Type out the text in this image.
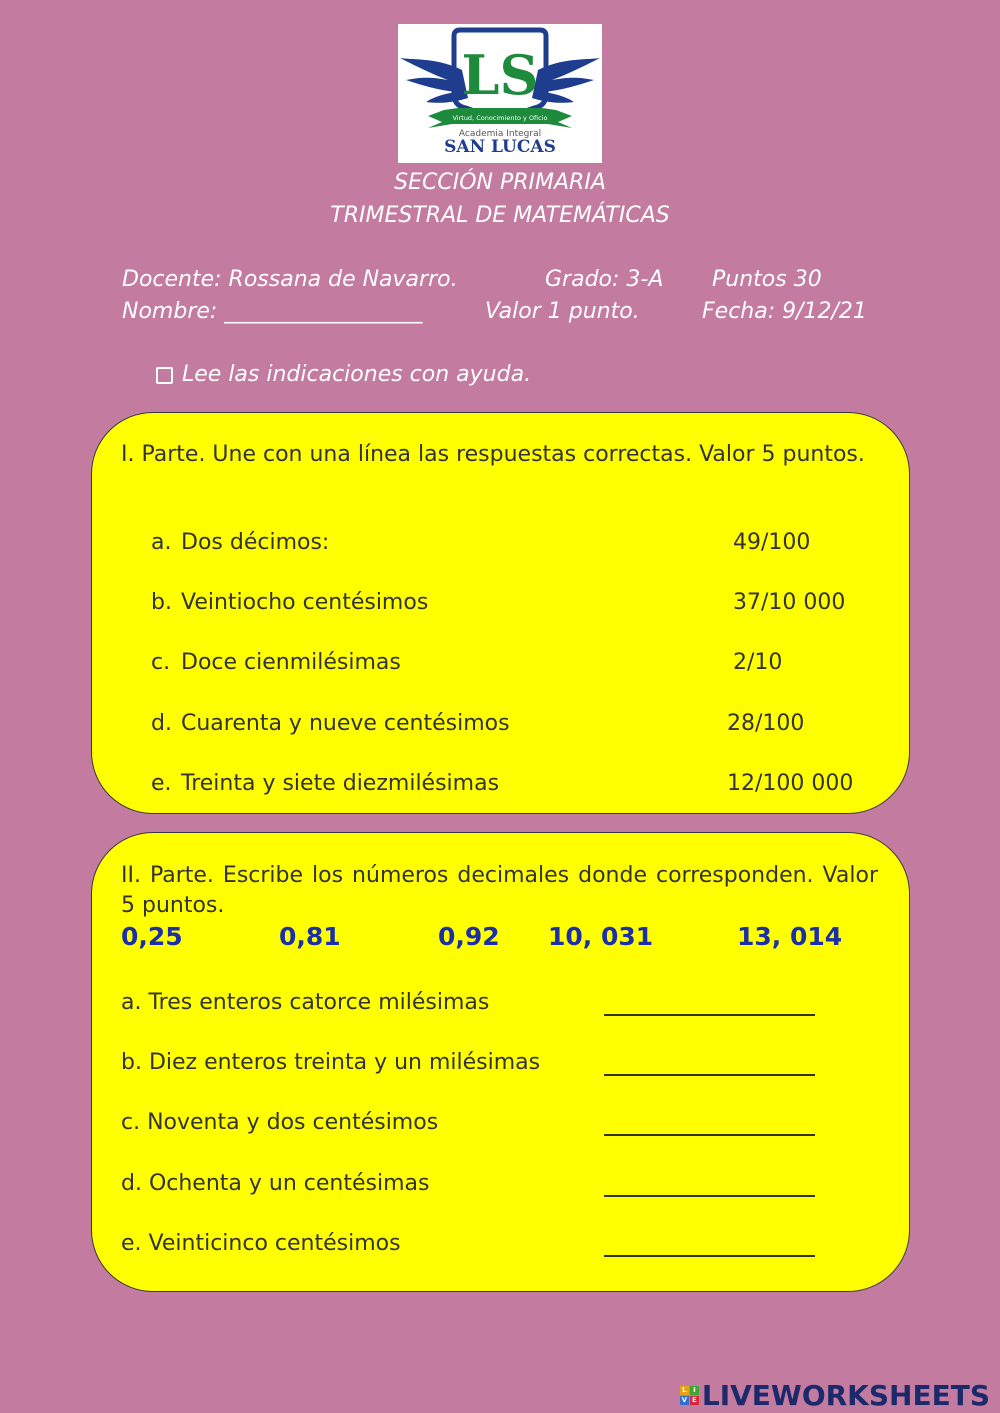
LS
Virtud, Conocimiento y Oficio
Academia Integral
SAN LUCAS
SECCIÓN PRIMARIA
TRIMESTRAL DE MATEMÁTICAS
Docente: Rossana de Navarro.	Grado: 3-A Puntos 30
Nombre: __________________	Valor 1 punto.	Fecha: 9/12/21
Lee las indicaciones con ayuda.
I. Parte. Une con una línea las respuestas correctas. Valor 5 puntos.
a. Dos décimos:	49/100
b. Veintiocho centésimos	37/10 000
c. Doce cienmilésimas	2/10
d. Cuarenta y nueve centésimos	28/100
e. Treinta y siete diezmilésimas	12/100 000
II. Parte. Escribe los números decimales donde corresponden. Valor 5 puntos.
0,25	0,81	0,92 10, 031	13, 014
a. Tres enteros catorce milésimas
b. Diez enteros treinta y un milésimas
c. Noventa y dos centésimos
d. Ochenta y un centésimas
e. Veinticinco centésimos
L I
V E LIVEWORKSHEETS
